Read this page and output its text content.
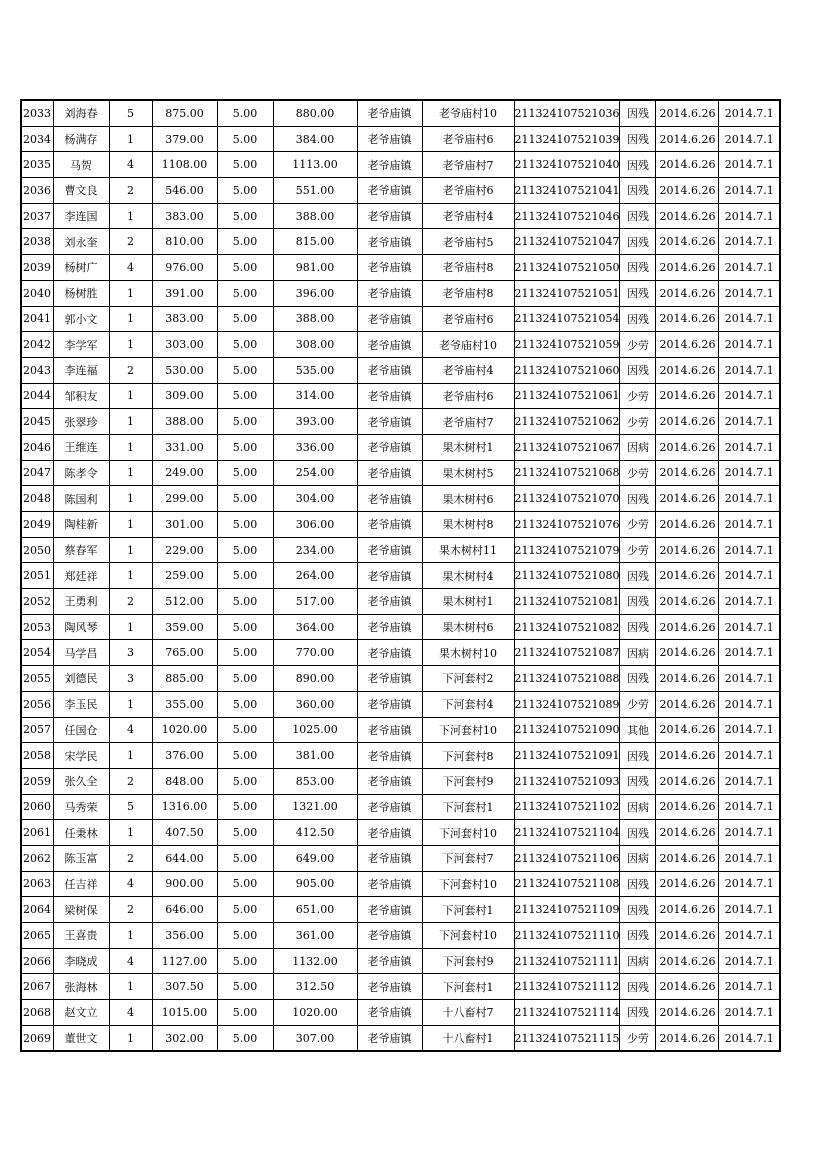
2033	刘海春	5	875.00	5.00	880.00	老爷庙镇	老爷庙村10	211324107521036	因残	2014.6.26	2014.7.1
2034	杨满存	1	379.00	5.00	384.00	老爷庙镇	老爷庙村6	211324107521039	因残	2014.6.26	2014.7.1
2035	马贺	4	1108.00	5.00	1113.00	老爷庙镇	老爷庙村7	211324107521040	因残	2014.6.26	2014.7.1
2036	曹文良	2	546.00	5.00	551.00	老爷庙镇	老爷庙村6	211324107521041	因残	2014.6.26	2014.7.1
2037	李连国	1	383.00	5.00	388.00	老爷庙镇	老爷庙村4	211324107521046	因残	2014.6.26	2014.7.1
2038	刘永奎	2	810.00	5.00	815.00	老爷庙镇	老爷庙村5	211324107521047	因残	2014.6.26	2014.7.1
2039	杨树广	4	976.00	5.00	981.00	老爷庙镇	老爷庙村8	211324107521050	因残	2014.6.26	2014.7.1
2040	杨树胜	1	391.00	5.00	396.00	老爷庙镇	老爷庙村8	211324107521051	因残	2014.6.26	2014.7.1
2041	郭小文	1	383.00	5.00	388.00	老爷庙镇	老爷庙村6	211324107521054	因残	2014.6.26	2014.7.1
2042	李学军	1	303.00	5.00	308.00	老爷庙镇	老爷庙村10	211324107521059	少劳	2014.6.26	2014.7.1
2043	李连福	2	530.00	5.00	535.00	老爷庙镇	老爷庙村4	211324107521060	因残	2014.6.26	2014.7.1
2044	邹积友	1	309.00	5.00	314.00	老爷庙镇	老爷庙村6	211324107521061	少劳	2014.6.26	2014.7.1
2045	张翠珍	1	388.00	5.00	393.00	老爷庙镇	老爷庙村7	211324107521062	少劳	2014.6.26	2014.7.1
2046	王维连	1	331.00	5.00	336.00	老爷庙镇	果木树村1	211324107521067	因病	2014.6.26	2014.7.1
2047	陈孝令	1	249.00	5.00	254.00	老爷庙镇	果木树村5	211324107521068	少劳	2014.6.26	2014.7.1
2048	陈国利	1	299.00	5.00	304.00	老爷庙镇	果木树村6	211324107521070	因残	2014.6.26	2014.7.1
2049	陶桂新	1	301.00	5.00	306.00	老爷庙镇	果木树村8	211324107521076	少劳	2014.6.26	2014.7.1
2050	蔡春军	1	229.00	5.00	234.00	老爷庙镇	果木树村11	211324107521079	少劳	2014.6.26	2014.7.1
2051	郑廷祥	1	259.00	5.00	264.00	老爷庙镇	果木树村4	211324107521080	因残	2014.6.26	2014.7.1
2052	王勇利	2	512.00	5.00	517.00	老爷庙镇	果木树村1	211324107521081	因残	2014.6.26	2014.7.1
2053	陶风琴	1	359.00	5.00	364.00	老爷庙镇	果木树村6	211324107521082	因残	2014.6.26	2014.7.1
2054	马学昌	3	765.00	5.00	770.00	老爷庙镇	果木树村10	211324107521087	因病	2014.6.26	2014.7.1
2055	刘德民	3	885.00	5.00	890.00	老爷庙镇	下河套村2	211324107521088	因残	2014.6.26	2014.7.1
2056	李玉民	1	355.00	5.00	360.00	老爷庙镇	下河套村4	211324107521089	少劳	2014.6.26	2014.7.1
2057	任国仓	4	1020.00	5.00	1025.00	老爷庙镇	下河套村10	211324107521090	其他	2014.6.26	2014.7.1
2058	宋学民	1	376.00	5.00	381.00	老爷庙镇	下河套村8	211324107521091	因残	2014.6.26	2014.7.1
2059	张久全	2	848.00	5.00	853.00	老爷庙镇	下河套村9	211324107521093	因残	2014.6.26	2014.7.1
2060	马秀荣	5	1316.00	5.00	1321.00	老爷庙镇	下河套村1	211324107521102	因病	2014.6.26	2014.7.1
2061	任秉林	1	407.50	5.00	412.50	老爷庙镇	下河套村10	211324107521104	因残	2014.6.26	2014.7.1
2062	陈玉富	2	644.00	5.00	649.00	老爷庙镇	下河套村7	211324107521106	因病	2014.6.26	2014.7.1
2063	任吉祥	4	900.00	5.00	905.00	老爷庙镇	下河套村10	211324107521108	因残	2014.6.26	2014.7.1
2064	梁树保	2	646.00	5.00	651.00	老爷庙镇	下河套村1	211324107521109	因残	2014.6.26	2014.7.1
2065	王喜贵	1	356.00	5.00	361.00	老爷庙镇	下河套村10	211324107521110	因残	2014.6.26	2014.7.1
2066	李晓成	4	1127.00	5.00	1132.00	老爷庙镇	下河套村9	211324107521111	因病	2014.6.26	2014.7.1
2067	张海林	1	307.50	5.00	312.50	老爷庙镇	下河套村1	211324107521112	因残	2014.6.26	2014.7.1
2068	赵文立	4	1015.00	5.00	1020.00	老爷庙镇	十八畜村7	211324107521114	因残	2014.6.26	2014.7.1
2069	董世文	1	302.00	5.00	307.00	老爷庙镇	十八畜村1	211324107521115	少劳	2014.6.26	2014.7.1
